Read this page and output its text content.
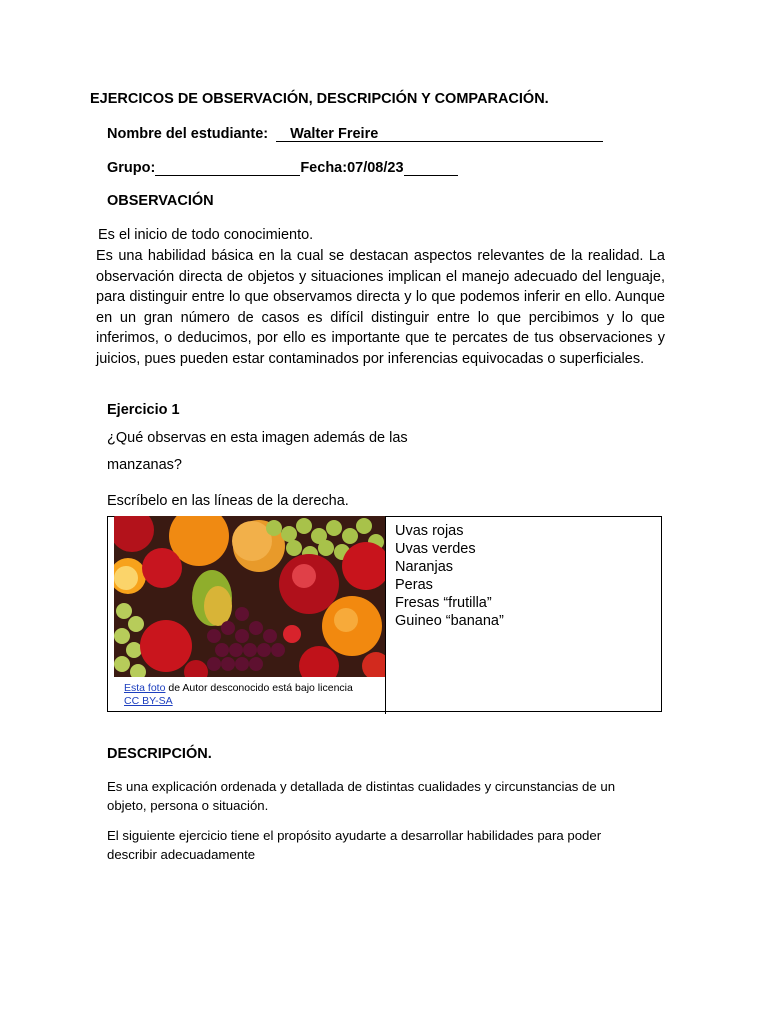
EJERCICOS DE OBSERVACIÓN, DESCRIPCIÓN Y COMPARACIÓN.
Nombre del estudiante: Walter Freire
Grupo:	Fecha:07/08/23
OBSERVACIÓN
Es el inicio de todo conocimiento.
Es una habilidad básica en la cual se destacan aspectos relevantes de la realidad. La observación directa de objetos y situaciones implican el manejo adecuado del lenguaje, para distinguir entre lo que observamos directa y lo que podemos inferir en ello. Aunque en un gran número de casos es difícil distinguir entre lo que percibimos y lo que inferimos, o deducimos, por ello es importante que te percates de tus observaciones y juicios, pues pueden estar contaminados por inferencias equivocadas o superficiales.
Ejercicio 1
¿Qué observas en esta imagen además de las
manzanas?
Escríbelo en las líneas de la derecha.
Esta foto de Autor desconocido está bajo licencia
CC BY-SA
Uvas rojas
Uvas verdes
Naranjas
Peras
Fresas “frutilla”
Guineo “banana”
DESCRIPCIÓN.
Es una explicación ordenada y detallada de distintas cualidades y circunstancias de un objeto, persona o situación.
El siguiente ejercicio tiene el propósito ayudarte a desarrollar habilidades para poder describir adecuadamente
